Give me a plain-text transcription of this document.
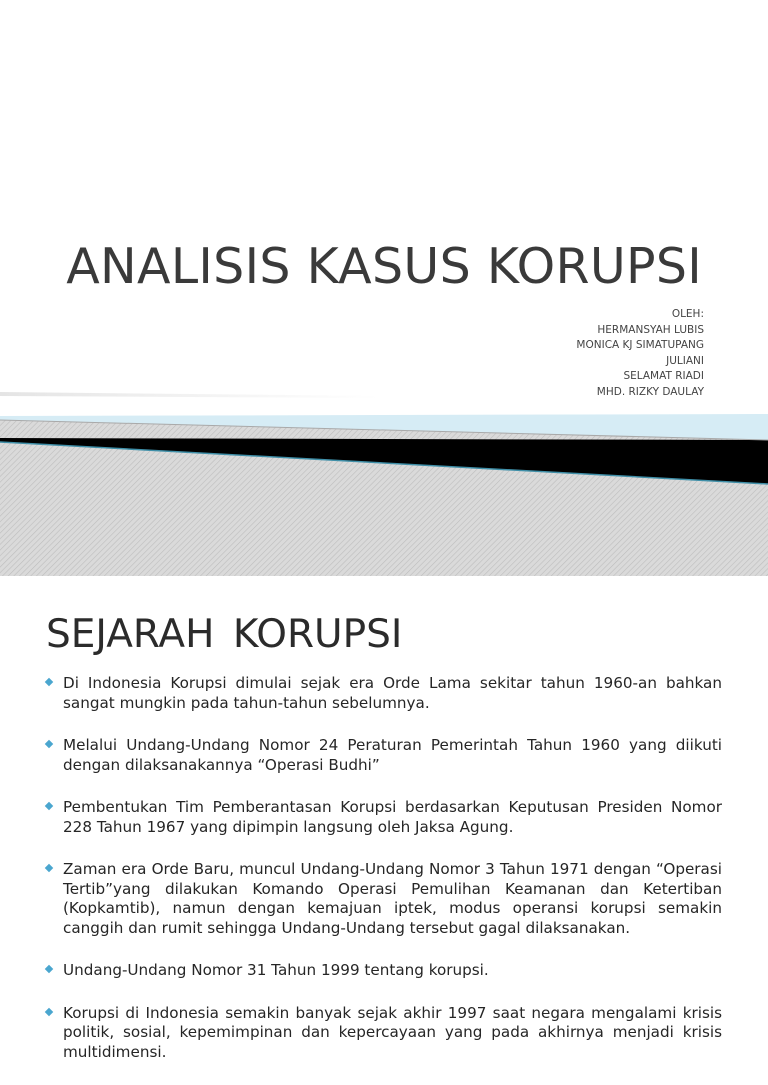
ANALISIS KASUS KORUPSI
OLEH:
HERMANSYAH LUBIS
MONICA KJ SIMATUPANG
JULIANI
SELAMAT RIADI
MHD. RIZKY DAULAY
SEJARAH KORUPSI
Di Indonesia Korupsi dimulai sejak era Orde Lama sekitar tahun 1960-an bahkan sangat mungkin pada tahun-tahun sebelumnya.
Melalui Undang-Undang Nomor 24 Peraturan Pemerintah Tahun 1960 yang diikuti dengan dilaksanakannya “Operasi Budhi”
Pembentukan Tim Pemberantasan Korupsi berdasarkan Keputusan Presiden Nomor 228 Tahun 1967 yang dipimpin langsung oleh Jaksa Agung.
Zaman era Orde Baru, muncul Undang-Undang Nomor 3 Tahun 1971 dengan “Operasi Tertib”yang dilakukan Komando Operasi Pemulihan Keamanan dan Ketertiban (Kopkamtib), namun dengan kemajuan iptek, modus operansi korupsi semakin canggih dan rumit sehingga Undang-Undang tersebut gagal dilaksanakan.
Undang-Undang Nomor 31 Tahun 1999 tentang korupsi.
Korupsi di Indonesia semakin banyak sejak akhir 1997 saat negara mengalami krisis politik, sosial, kepemimpinan dan kepercayaan yang pada akhirnya menjadi krisis multidimensi.
